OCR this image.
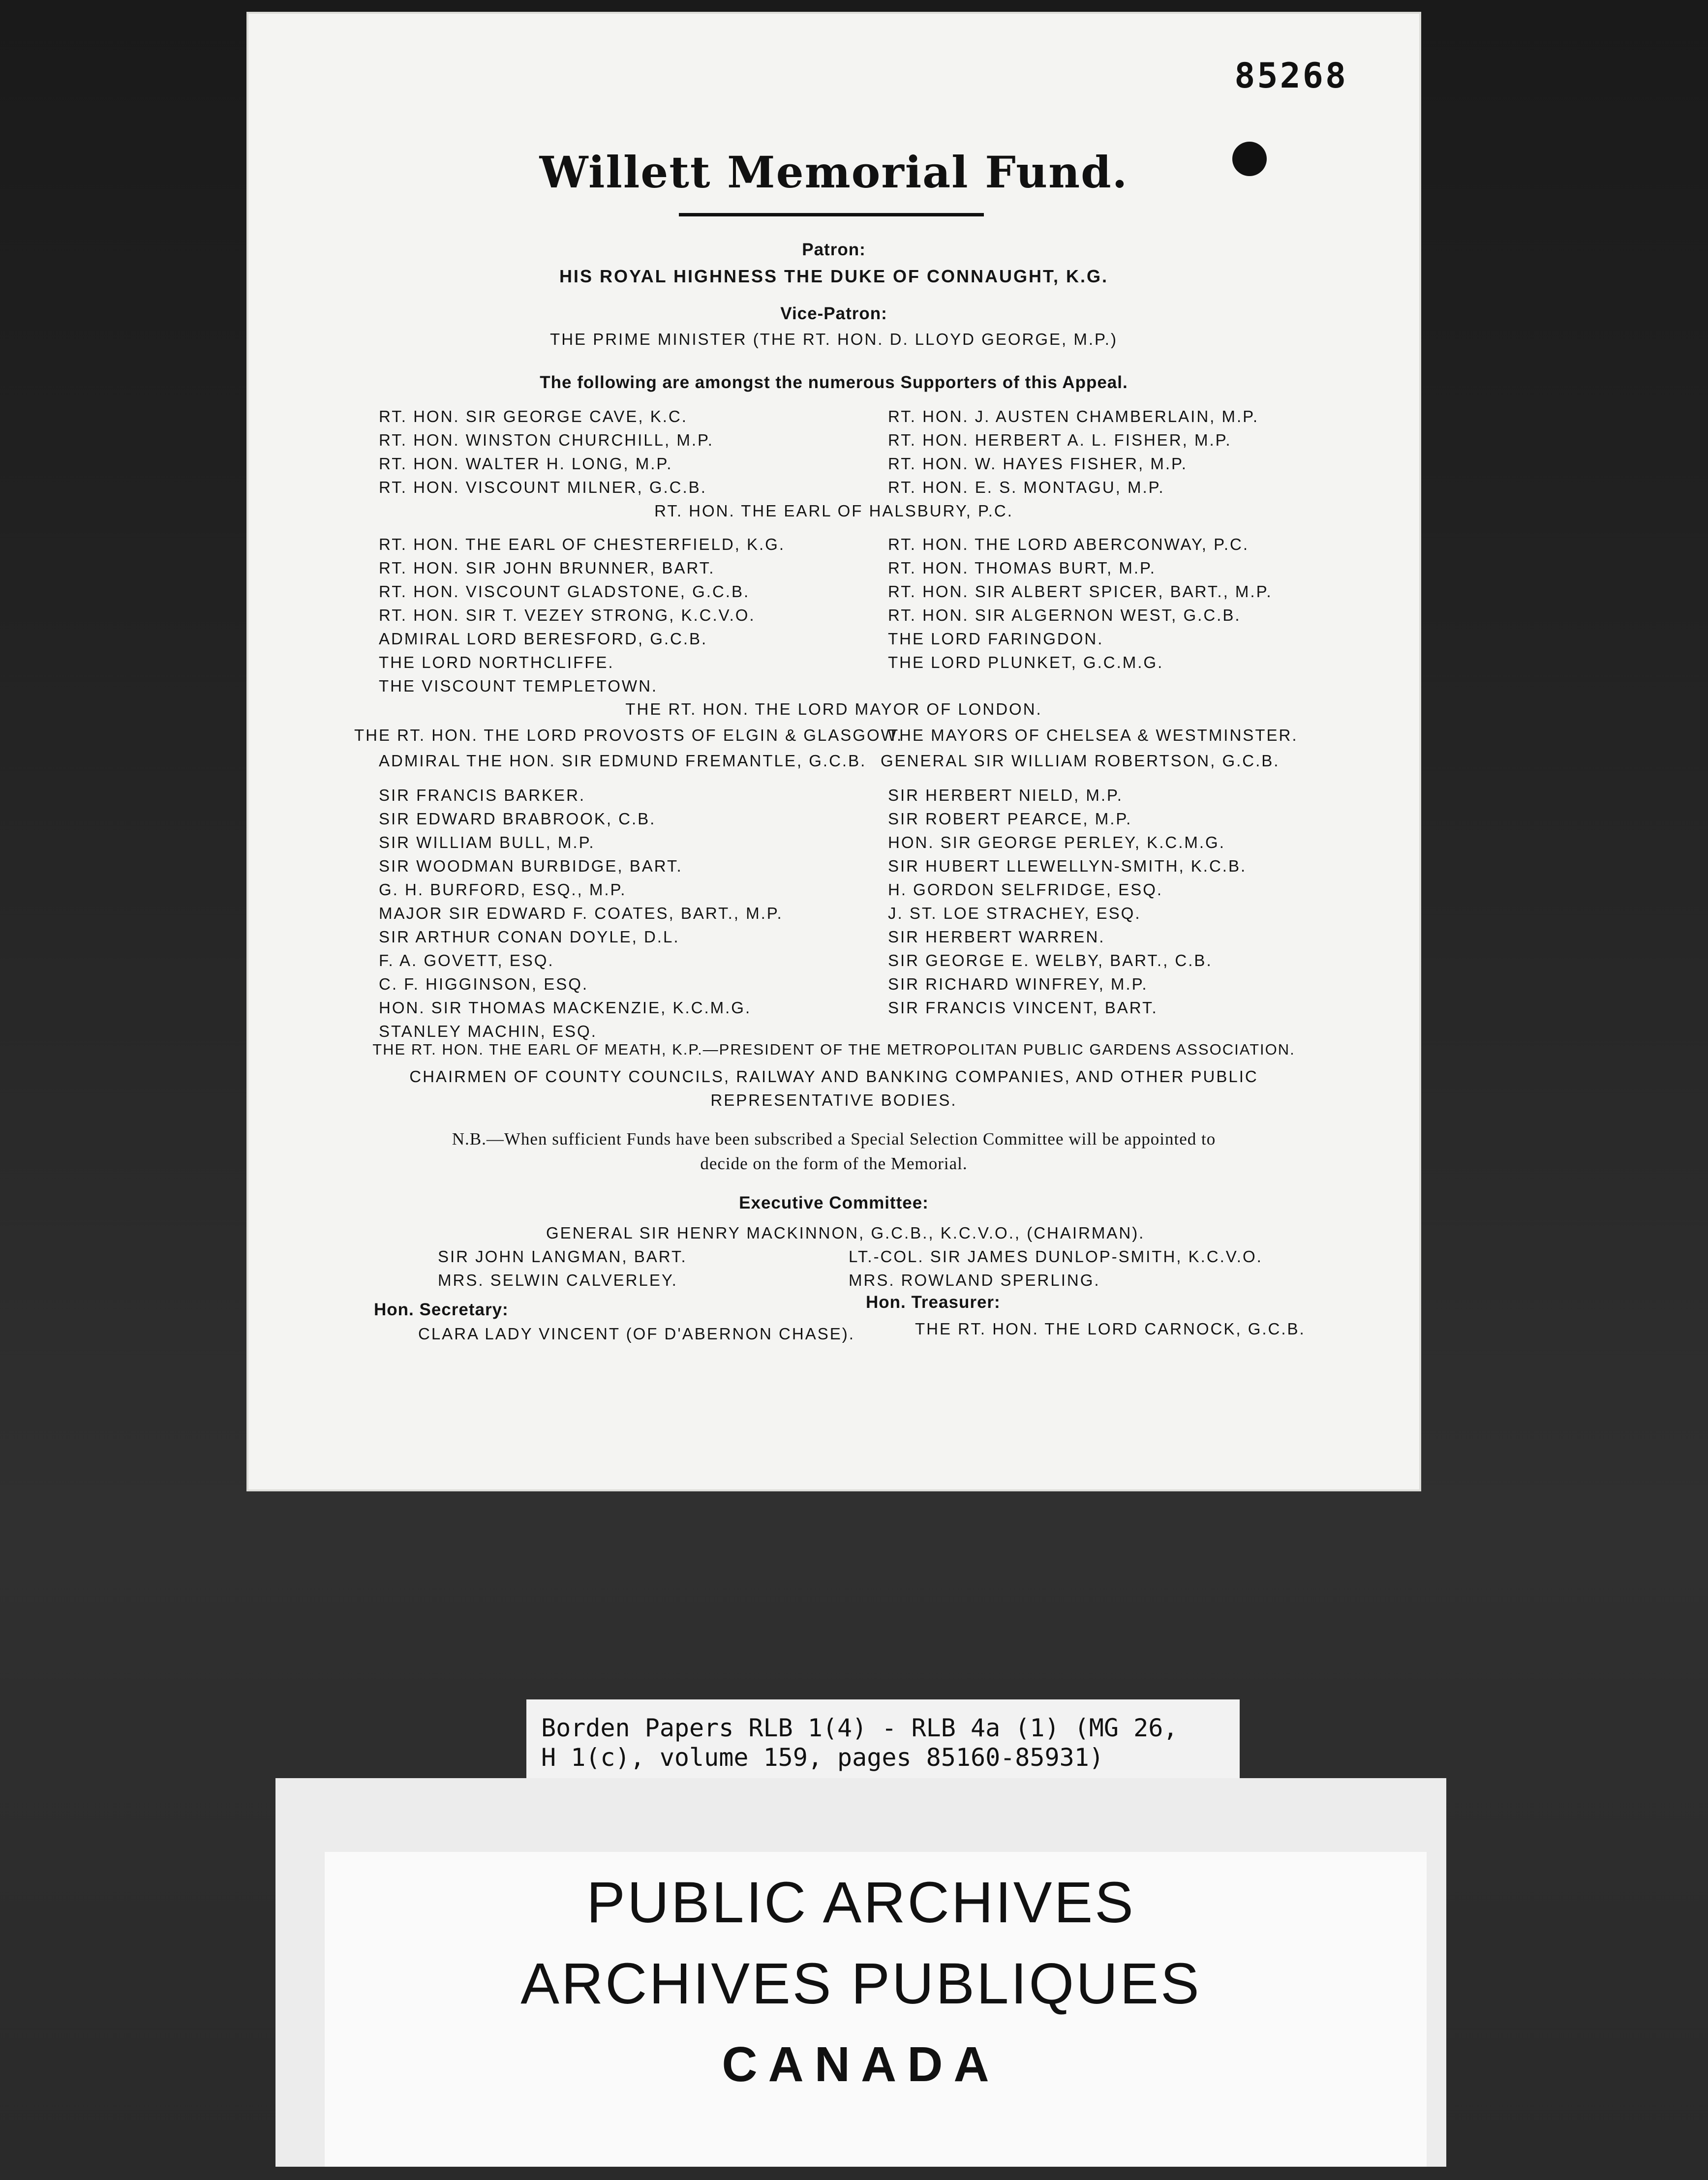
85268
Willett Memorial Fund.
Patron:
HIS ROYAL HIGHNESS THE DUKE OF CONNAUGHT, K.G.
Vice-Patron:
THE PRIME MINISTER (THE RT. HON. D. LLOYD GEORGE, M.P.)
The following are amongst the numerous Supporters of this Appeal.
RT. HON. SIR GEORGE CAVE, K.C.
RT. HON. WINSTON CHURCHILL, M.P.
RT. HON. WALTER H. LONG, M.P.
RT. HON. VISCOUNT MILNER, G.C.B.
RT. HON. J. AUSTEN CHAMBERLAIN, M.P.
RT. HON. HERBERT A. L. FISHER, M.P.
RT. HON. W. HAYES FISHER, M.P.
RT. HON. E. S. MONTAGU, M.P.
RT. HON. THE EARL OF HALSBURY, P.C.
RT. HON. THE EARL OF CHESTERFIELD, K.G.
RT. HON. SIR JOHN BRUNNER, BART.
RT. HON. VISCOUNT GLADSTONE, G.C.B.
RT. HON. SIR T. VEZEY STRONG, K.C.V.O.
ADMIRAL LORD BERESFORD, G.C.B.
THE LORD NORTHCLIFFE.
THE VISCOUNT TEMPLETOWN.
RT. HON. THE LORD ABERCONWAY, P.C.
RT. HON. THOMAS BURT, M.P.
RT. HON. SIR ALBERT SPICER, BART., M.P.
RT. HON. SIR ALGERNON WEST, G.C.B.
THE LORD FARINGDON.
THE LORD PLUNKET, G.C.M.G.
THE RT. HON. THE LORD MAYOR OF LONDON.
THE RT. HON. THE LORD PROVOSTS OF ELGIN & GLASGOW.
THE MAYORS OF CHELSEA & WESTMINSTER.
ADMIRAL THE HON. SIR EDMUND FREMANTLE, G.C.B. GENERAL SIR WILLIAM ROBERTSON, G.C.B.
SIR FRANCIS BARKER.
SIR EDWARD BRABROOK, C.B.
SIR WILLIAM BULL, M.P.
SIR WOODMAN BURBIDGE, BART.
G. H. BURFORD, ESQ., M.P.
MAJOR SIR EDWARD F. COATES, BART., M.P.
SIR ARTHUR CONAN DOYLE, D.L.
F. A. GOVETT, ESQ.
C. F. HIGGINSON, ESQ.
HON. SIR THOMAS MACKENZIE, K.C.M.G.
STANLEY MACHIN, ESQ.
SIR HERBERT NIELD, M.P.
SIR ROBERT PEARCE, M.P.
HON. SIR GEORGE PERLEY, K.C.M.G.
SIR HUBERT LLEWELLYN-SMITH, K.C.B.
H. GORDON SELFRIDGE, ESQ.
J. ST. LOE STRACHEY, ESQ.
SIR HERBERT WARREN.
SIR GEORGE E. WELBY, BART., C.B.
SIR RICHARD WINFREY, M.P.
SIR FRANCIS VINCENT, BART.
THE RT. HON. THE EARL OF MEATH, K.P.—PRESIDENT OF THE METROPOLITAN PUBLIC GARDENS ASSOCIATION.
CHAIRMEN OF COUNTY COUNCILS, RAILWAY AND BANKING COMPANIES, AND OTHER PUBLIC
REPRESENTATIVE BODIES.
N.B.—When sufficient Funds have been subscribed a Special Selection Committee will be appointed to
decide on the form of the Memorial.
Executive Committee:
GENERAL SIR HENRY MACKINNON, G.C.B., K.C.V.O., (CHAIRMAN).
SIR JOHN LANGMAN, BART.
MRS. SELWIN CALVERLEY.
LT.-COL. SIR JAMES DUNLOP-SMITH, K.C.V.O.
MRS. ROWLAND SPERLING.
Hon. Secretary:
CLARA LADY VINCENT (OF D'ABERNON CHASE).
Hon. Treasurer:
THE RT. HON. THE LORD CARNOCK, G.C.B.
Borden Papers RLB 1(4) - RLB 4a (1) (MG 26,
H 1(c), volume 159, pages 85160-85931)
PUBLIC ARCHIVES
ARCHIVES PUBLIQUES
CANADA
